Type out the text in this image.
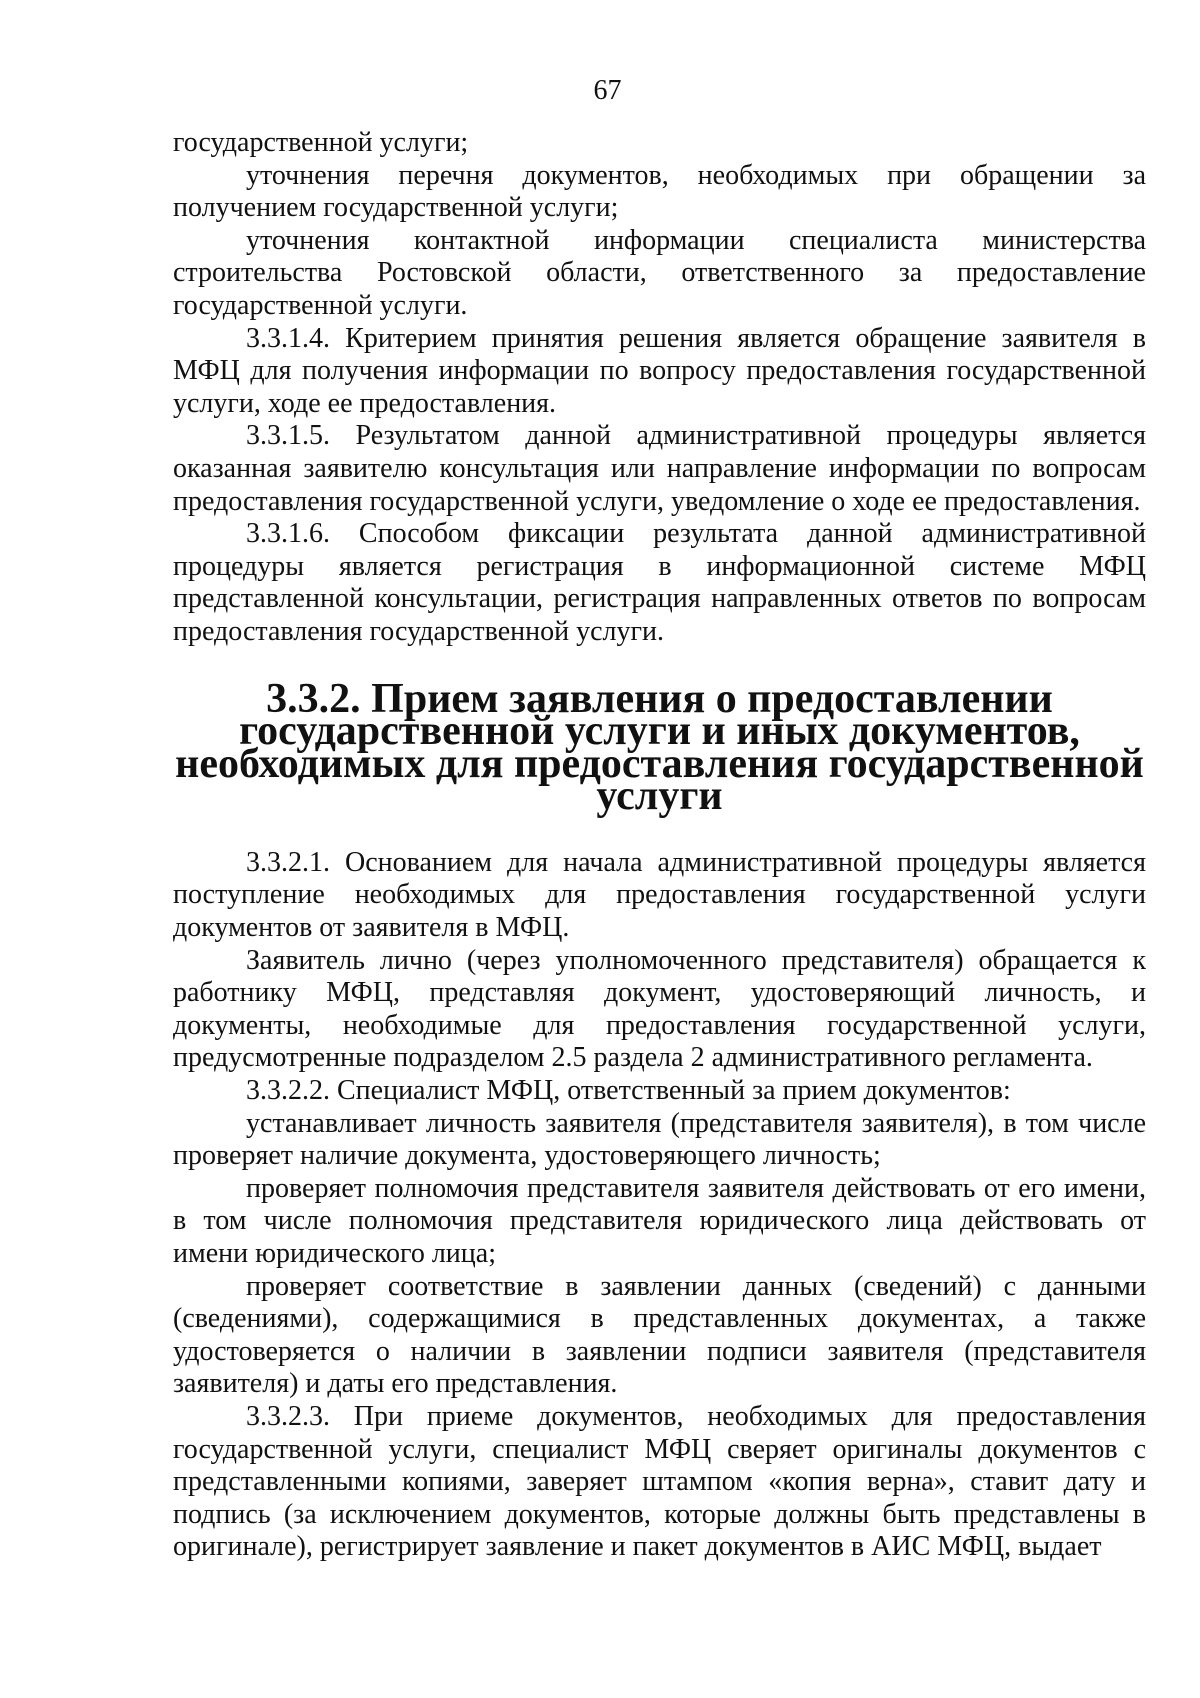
67

государственной услуги;

уточнения перечня документов, необходимых при обращении за получением государственной услуги;

уточнения контактной информации специалиста министерства строительства Ростовской области, ответственного за предоставление государственной услуги.

3.3.1.4. Критерием принятия решения является обращение заявителя в МФЦ для получения информации по вопросу предоставления государственной услуги, ходе ее предоставления.

3.3.1.5. Результатом данной административной процедуры является оказанная заявителю консультация или направление информации по вопросам предоставления государственной услуги, уведомление о ходе ее предоставления.

3.3.1.6. Способом фиксации результата данной административной процедуры является регистрация в информационной системе МФЦ представленной консультации, регистрация направленных ответов по вопросам предоставления государственной услуги.

3.3.2. Прием заявления о предоставлении
государственной услуги и иных документов,
необходимых для предоставления государственной услуги

3.3.2.1. Основанием для начала административной процедуры является поступление необходимых для предоставления государственной услуги документов от заявителя в МФЦ.

Заявитель лично (через уполномоченного представителя) обращается к работнику МФЦ, представляя документ, удостоверяющий личность, и документы, необходимые для предоставления государственной услуги, предусмотренные подразделом 2.5 раздела 2 административного регламента.

3.3.2.2. Специалист МФЦ, ответственный за прием документов:

устанавливает личность заявителя (представителя заявителя), в том числе проверяет наличие документа, удостоверяющего личность;

проверяет полномочия представителя заявителя действовать от его имени, в том числе полномочия представителя юридического лица действовать от имени юридического лица;

проверяет соответствие в заявлении данных (сведений) с данными (сведениями), содержащимися в представленных документах, а также удостоверяется о наличии в заявлении подписи заявителя (представителя заявителя) и даты его представления.

3.3.2.3. При приеме документов, необходимых для предоставления государственной услуги, специалист МФЦ сверяет оригиналы документов с представленными копиями, заверяет штампом «копия верна», ставит дату и подпись (за исключением документов, которые должны быть представлены в оригинале), регистрирует заявление и пакет документов в АИС МФЦ, выдает
